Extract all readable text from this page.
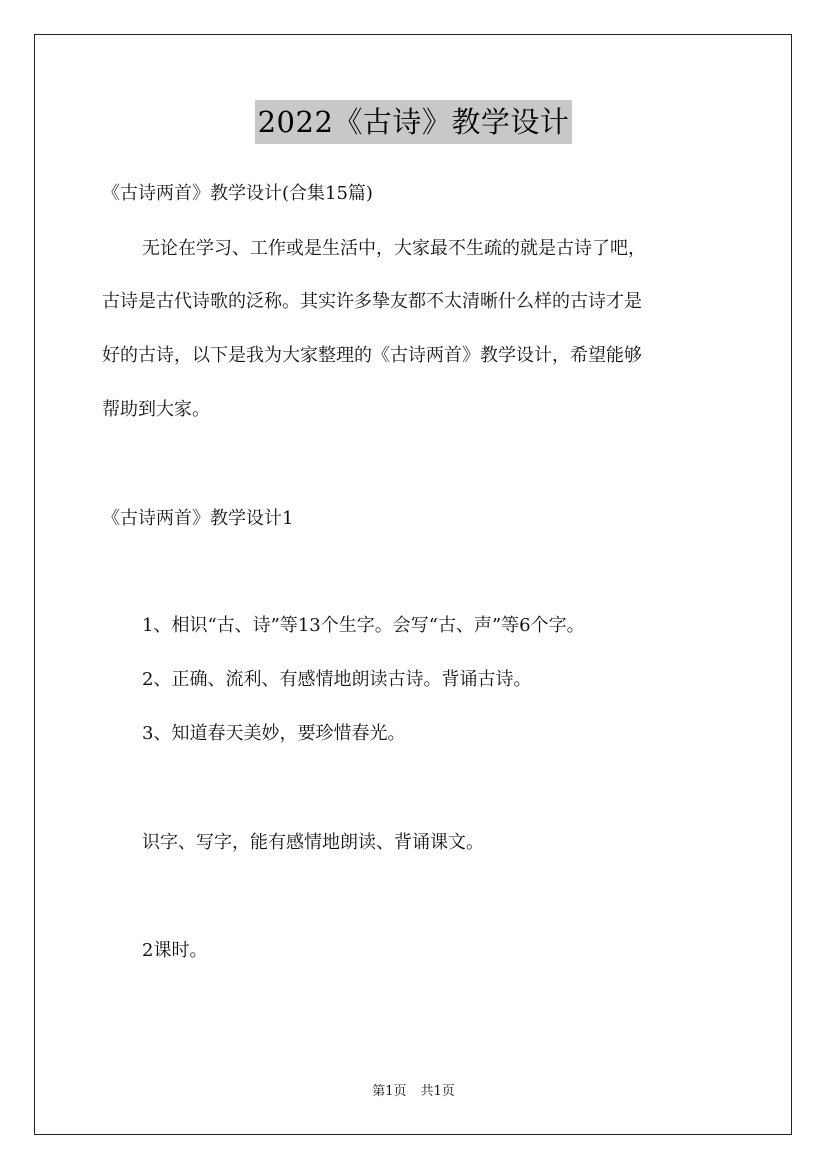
2022《古诗》教学设计
《古诗两首》教学设计(合集15篇)
无论在学习、工作或是生活中，大家最不生疏的就是古诗了吧，
古诗是古代诗歌的泛称。其实许多挚友都不太清晰什么样的古诗才是
好的古诗，以下是我为大家整理的《古诗两首》教学设计，希望能够
帮助到大家。
《古诗两首》教学设计1
1、相识“古、诗”等13个生字。会写“古、声”等6个字。
2、正确、流利、有感情地朗读古诗。背诵古诗。
3、知道春天美妙，要珍惜春光。
识字、写字，能有感情地朗读、背诵课文。
2课时。
第1页 共1页
